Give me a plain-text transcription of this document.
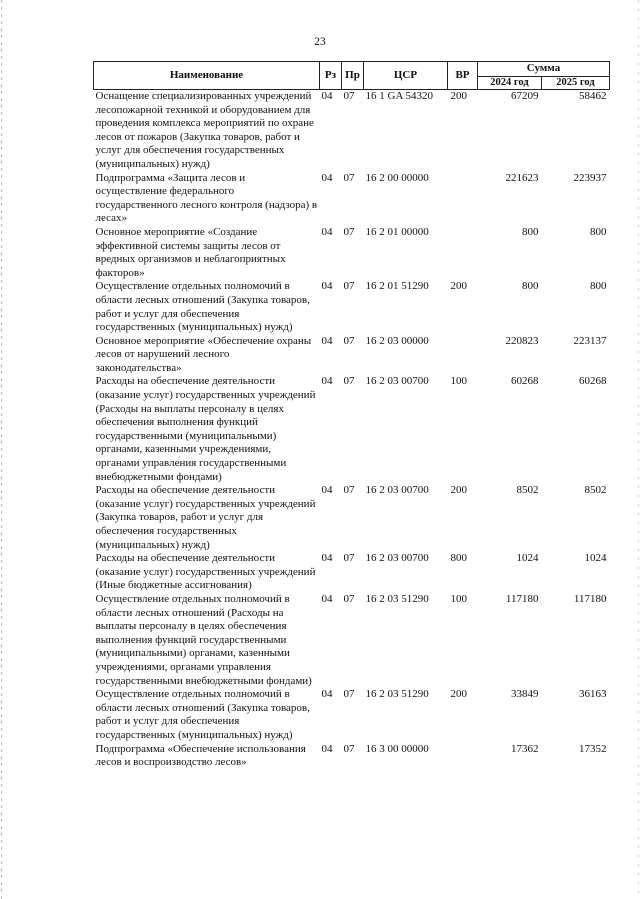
23
Наименование	Рз	Пр	ЦСР	ВР	Сумма	
					2024 год	2025 год
Оснащение специализированных учреждений лесопожарной техникой и оборудованием для проведения комплекса мероприятий по охране лесов от пожаров (Закупка товаров, работ и услуг для обеспечения государственных (муниципальных) нужд)	04	07	16 1 GA 54320	200	67209	58462
Подпрограмма «Защита лесов и осуществление федерального государственного лесного контроля (надзора) в лесах»	04	07	16 2 00 00000		221623	223937
Основное мероприятие «Создание эффективной системы защиты лесов от вредных организмов и неблагоприятных факторов»	04	07	16 2 01 00000		800	800
Осуществление отдельных полномочий в области лесных отношений (Закупка товаров, работ и услуг для обеспечения государственных (муниципальных) нужд)	04	07	16 2 01 51290	200	800	800
Основное мероприятие «Обеспечение охраны лесов от нарушений лесного законодательства»	04	07	16 2 03 00000		220823	223137
Расходы на обеспечение деятельности (оказание услуг) государственных учреждений (Расходы на выплаты персоналу в целях обеспечения выполнения функций государственными (муниципальными) органами, казенными учреждениями, органами управления государственными внебюджетными фондами)	04	07	16 2 03 00700	100	60268	60268
Расходы на обеспечение деятельности (оказание услуг) государственных учреждений (Закупка товаров, работ и услуг для обеспечения государственных (муниципальных) нужд)	04	07	16 2 03 00700	200	8502	8502
Расходы на обеспечение деятельности (оказание услуг) государственных учреждений (Иные бюджетные ассигнования)	04	07	16 2 03 00700	800	1024	1024
Осуществление отдельных полномочий в области лесных отношений (Расходы на выплаты персоналу в целях обеспечения выполнения функций государственными (муниципальными) органами, казенными учреждениями, органами управления государственными внебюджетными фондами)	04	07	16 2 03 51290	100	117180	117180
Осуществление отдельных полномочий в области лесных отношений (Закупка товаров, работ и услуг для обеспечения государственных (муниципальных) нужд)	04	07	16 2 03 51290	200	33849	36163
Подпрограмма «Обеспечение использования лесов и воспроизводство лесов»	04	07	16 3 00 00000		17362	17352
